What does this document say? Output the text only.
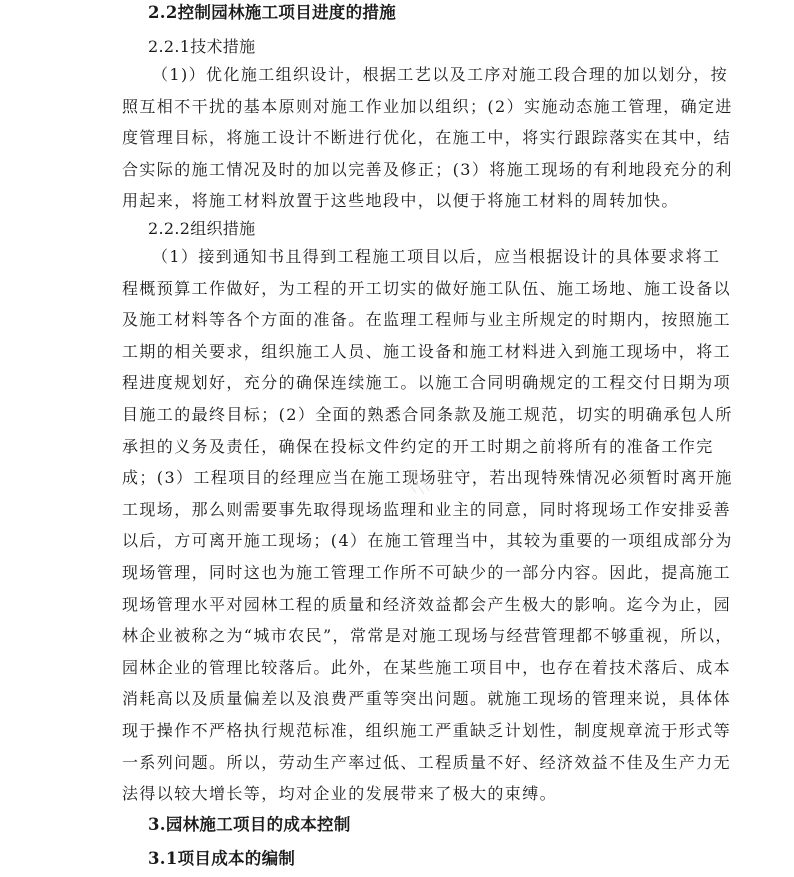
2.2控制园林施工项目进度的措施
2.2.1技术措施
（1)）优化施工组织设计，根据工艺以及工序对施工段合理的加以划分，按
照互相不干扰的基本原则对施工作业加以组织；(2）实施动态施工管理，确定进
度管理目标，将施工设计不断进行优化，在施工中，将实行跟踪落实在其中，结
合实际的施工情况及时的加以完善及修正；(3）将施工现场的有利地段充分的利
用起来，将施工材料放置于这些地段中，以便于将施工材料的周转加快。
2.2.2组织措施
（1）接到通知书且得到工程施工项目以后，应当根据设计的具体要求将工
程概预算工作做好，为工程的开工切实的做好施工队伍、施工场地、施工设备以
及施工材料等各个方面的准备。在监理工程师与业主所规定的时期内，按照施工
工期的相关要求，组织施工人员、施工设备和施工材料进入到施工现场中，将工
程进度规划好，充分的确保连续施工。以施工合同明确规定的工程交付日期为项
目施工的最终目标；(2）全面的熟悉合同条款及施工规范，切实的明确承包人所
承担的义务及责任，确保在投标文件约定的开工时期之前将所有的准备工作完
成；(3）工程项目的经理应当在施工现场驻守，若出现特殊情况必须暂时离开施
工现场，那么则需要事先取得现场监理和业主的同意，同时将现场工作安排妥善
以后，方可离开施工现场；(4）在施工管理当中，其较为重要的一项组成部分为
现场管理，同时这也为施工管理工作所不可缺少的一部分内容。因此，提高施工
现场管理水平对园林工程的质量和经济效益都会产生极大的影响。迄今为止，园
林企业被称之为“城市农民”，常常是对施工现场与经营管理都不够重视，所以，
园林企业的管理比较落后。此外，在某些施工项目中，也存在着技术落后、成本
消耗高以及质量偏差以及浪费严重等突出问题。就施工现场的管理来说，具体体
现于操作不严格执行规范标准，组织施工严重缺乏计划性，制度规章流于形式等
一系列问题。所以，劳动生产率过低、工程质量不好、经济效益不佳及生产力无
法得以较大增长等，均对企业的发展带来了极大的束缚。
3.园林施工项目的成本控制
3.1项目成本的编制
